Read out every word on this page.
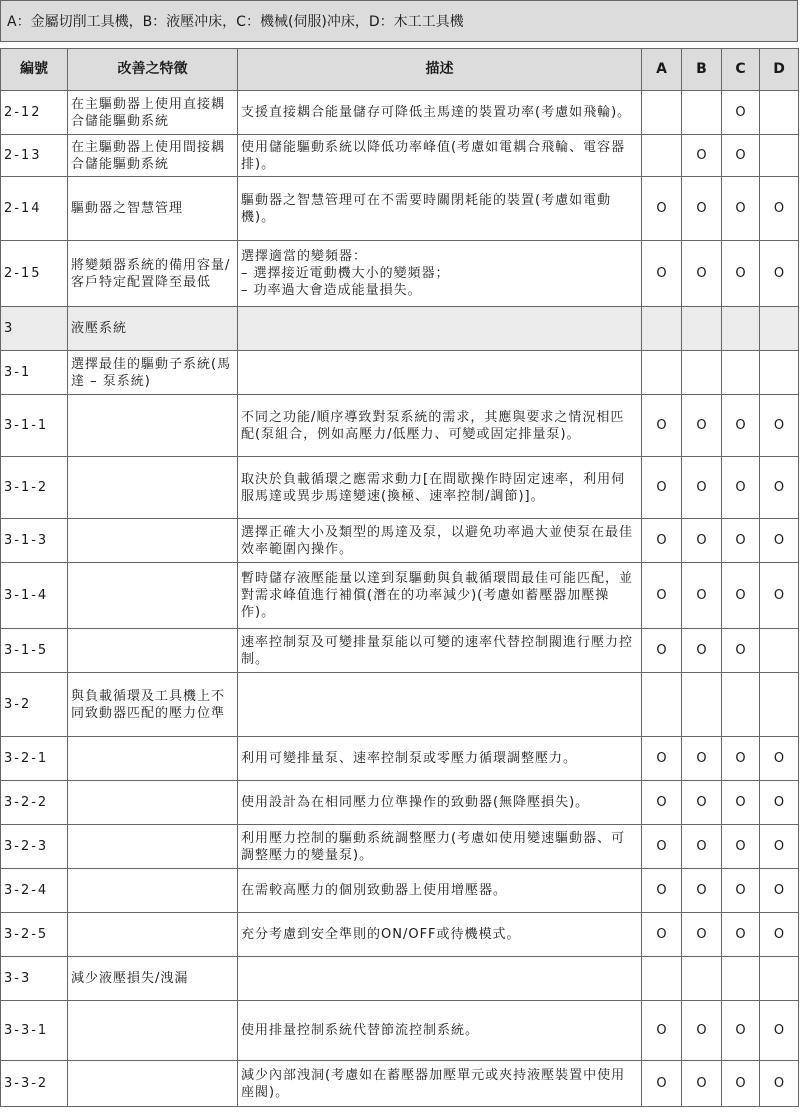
A：金屬切削工具機，B：液壓冲床，C：機械(伺服)冲床，D：木工工具機
編號	改善之特徵	描述	A	B	C	D
2-12	在主驅動器上使用直接耦合儲能驅動系統	支援直接耦合能量儲存可降低主馬達的裝置功率(考慮如飛輪)。			O	
2-13	在主驅動器上使用間接耦合儲能驅動系統	使用儲能驅動系統以降低功率峰值(考慮如電耦合飛輪、電容器排)。		O	O	
2-14	驅動器之智慧管理	驅動器之智慧管理可在不需要時關閉耗能的裝置(考慮如電動機)。	O	O	O	O
2-15	將變頻器系統的備用容量/客戶特定配置降至最低	選擇適當的變頻器：
– 選擇接近電動機大小的變頻器；
– 功率過大會造成能量損失。	O	O	O	O
3	液壓系統					
3-1	選擇最佳的驅動子系統(馬達 – 泵系統)					
3-1-1		不同之功能/順序導致對泵系統的需求，其應與要求之情況相匹配(泵組合，例如高壓力/低壓力、可變或固定排量泵)。	O	O	O	O
3-1-2		取決於負載循環之應需求動力[在間歇操作時固定速率，利用伺服馬達或異步馬達變速(換極、速率控制/調節)]。	O	O	O	O
3-1-3		選擇正確大小及類型的馬達及泵，以避免功率過大並使泵在最佳效率範圍內操作。	O	O	O	O
3-1-4		暫時儲存液壓能量以達到泵驅動與負載循環間最佳可能匹配，並對需求峰值進行補償(潛在的功率減少)(考慮如蓄壓器加壓操作)。	O	O	O	O
3-1-5		速率控制泵及可變排量泵能以可變的速率代替控制閥進行壓力控制。	O	O	O	
3-2	與負載循環及工具機上不同致動器匹配的壓力位準					
3-2-1		利用可變排量泵、速率控制泵或零壓力循環調整壓力。	O	O	O	O
3-2-2		使用設計為在相同壓力位準操作的致動器(無降壓損失)。	O	O	O	O
3-2-3		利用壓力控制的驅動系統調整壓力(考慮如使用變速驅動器、可調整壓力的變量泵)。	O	O	O	O
3-2-4		在需較高壓力的個別致動器上使用增壓器。	O	O	O	O
3-2-5		充分考慮到安全準則的ON/OFF或待機模式。	O	O	O	O
3-3	減少液壓損失/洩漏					
3-3-1		使用排量控制系統代替節流控制系統。	O	O	O	O
3-3-2		減少內部洩洞(考慮如在蓄壓器加壓單元或夾持液壓裝置中使用座閥)。	O	O	O	O
